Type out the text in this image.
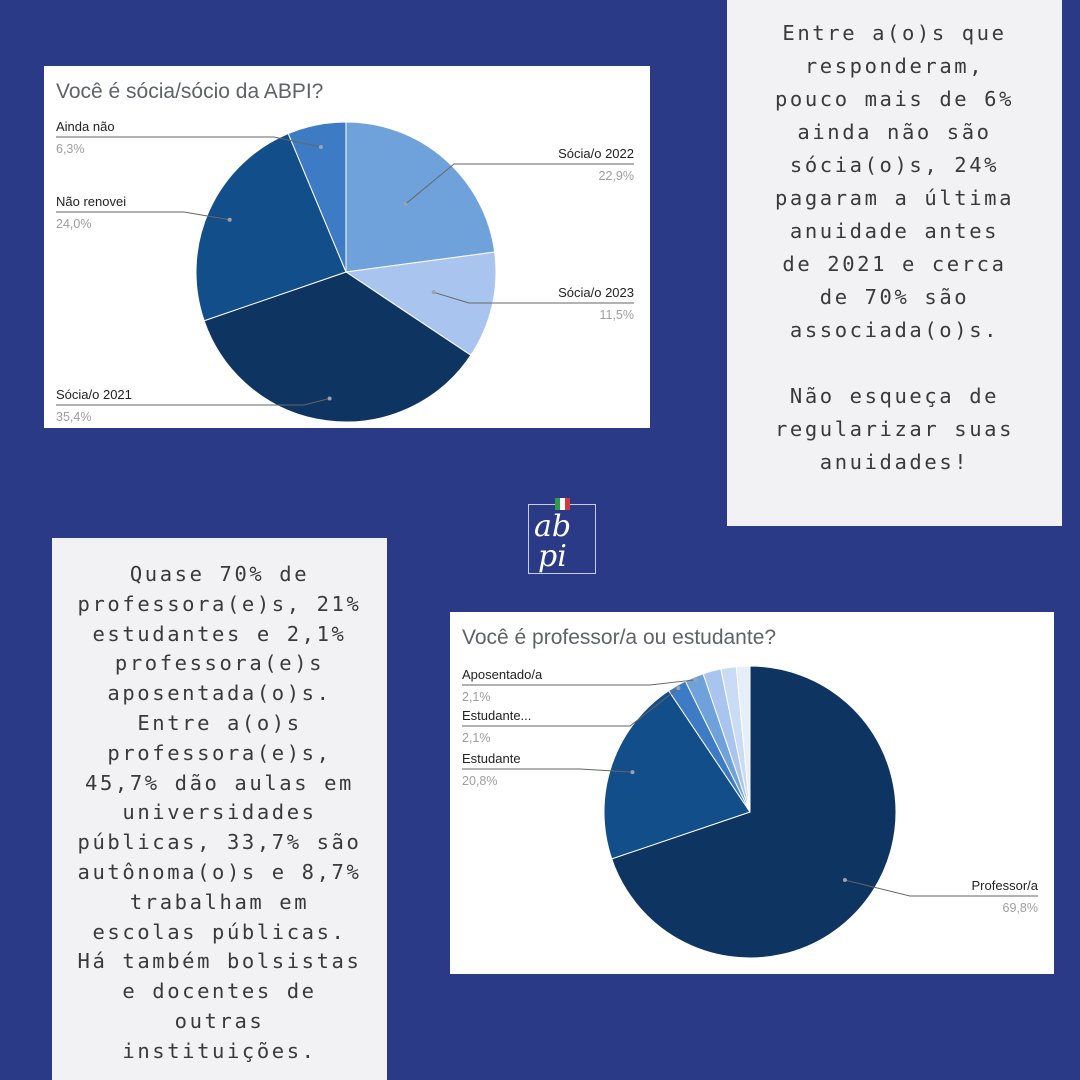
Você é sócia/sócio da ABPI?
Sócia/o 2022
22,9%
Sócia/o 2023
11,5%
Sócia/o 2021
35,4%
Não renovei
24,0%
Ainda não
6,3%
Você é professor/a ou estudante?
Professor/a
69,8%
Estudante
20,8%
Estudante...
2,1%
Aposentado/a
2,1%

Entre a(o)s que
responderam,
pouco mais de 6%
ainda não são
sócia(o)s, 24%
pagaram a última
anuidade antes
de 2021 e cerca
de 70% são
associada(o)s.

Não esqueça de
regularizar suas
anuidades!

Quase 70% de
professora(e)s, 21%
estudantes e 2,1%
professora(e)s
aposentada(o)s.
Entre a(o)s
professora(e)s,
45,7% dão aulas em
universidades
públicas, 33,7% são
autônoma(o)s e 8,7%
trabalham em
escolas públicas.
Há também bolsistas
e docentes de
outras
instituições.

ab
pi
